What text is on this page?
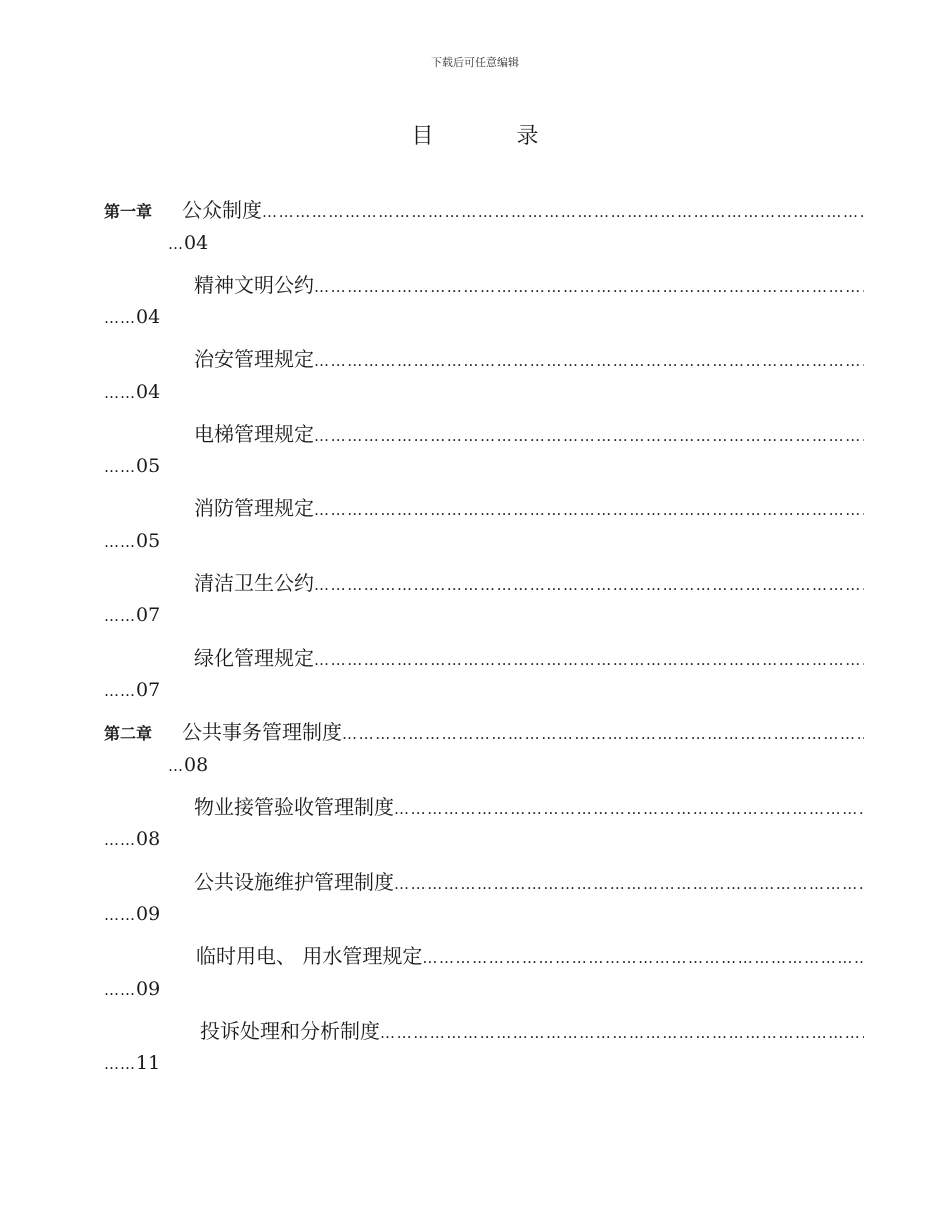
下载后可任意编辑
目 录
第一章	公众制度
……………………………………………………………………………………………………………………………………………………………………………………………
… 04
精神文明公约
……………………………………………………………………………………………………………………………………………………………………………………………
…… 04
治安管理规定
……………………………………………………………………………………………………………………………………………………………………………………………
…… 04
电梯管理规定
……………………………………………………………………………………………………………………………………………………………………………………………
…… 05
消防管理规定
……………………………………………………………………………………………………………………………………………………………………………………………
…… 05
清洁卫生公约
……………………………………………………………………………………………………………………………………………………………………………………………
…… 07
绿化管理规定
……………………………………………………………………………………………………………………………………………………………………………………………
…… 07
第二章	公共事务管理制度
……………………………………………………………………………………………………………………………………………………………………………………………
… 08
物业接管验收管理制度
……………………………………………………………………………………………………………………………………………………………………………………………
…… 08
公共设施维护管理制度
……………………………………………………………………………………………………………………………………………………………………………………………
…… 09
临时用电、 用水管理规定
……………………………………………………………………………………………………………………………………………………………………………………………
…… 09
投诉处理和分析制度
……………………………………………………………………………………………………………………………………………………………………………………………
…… 11
